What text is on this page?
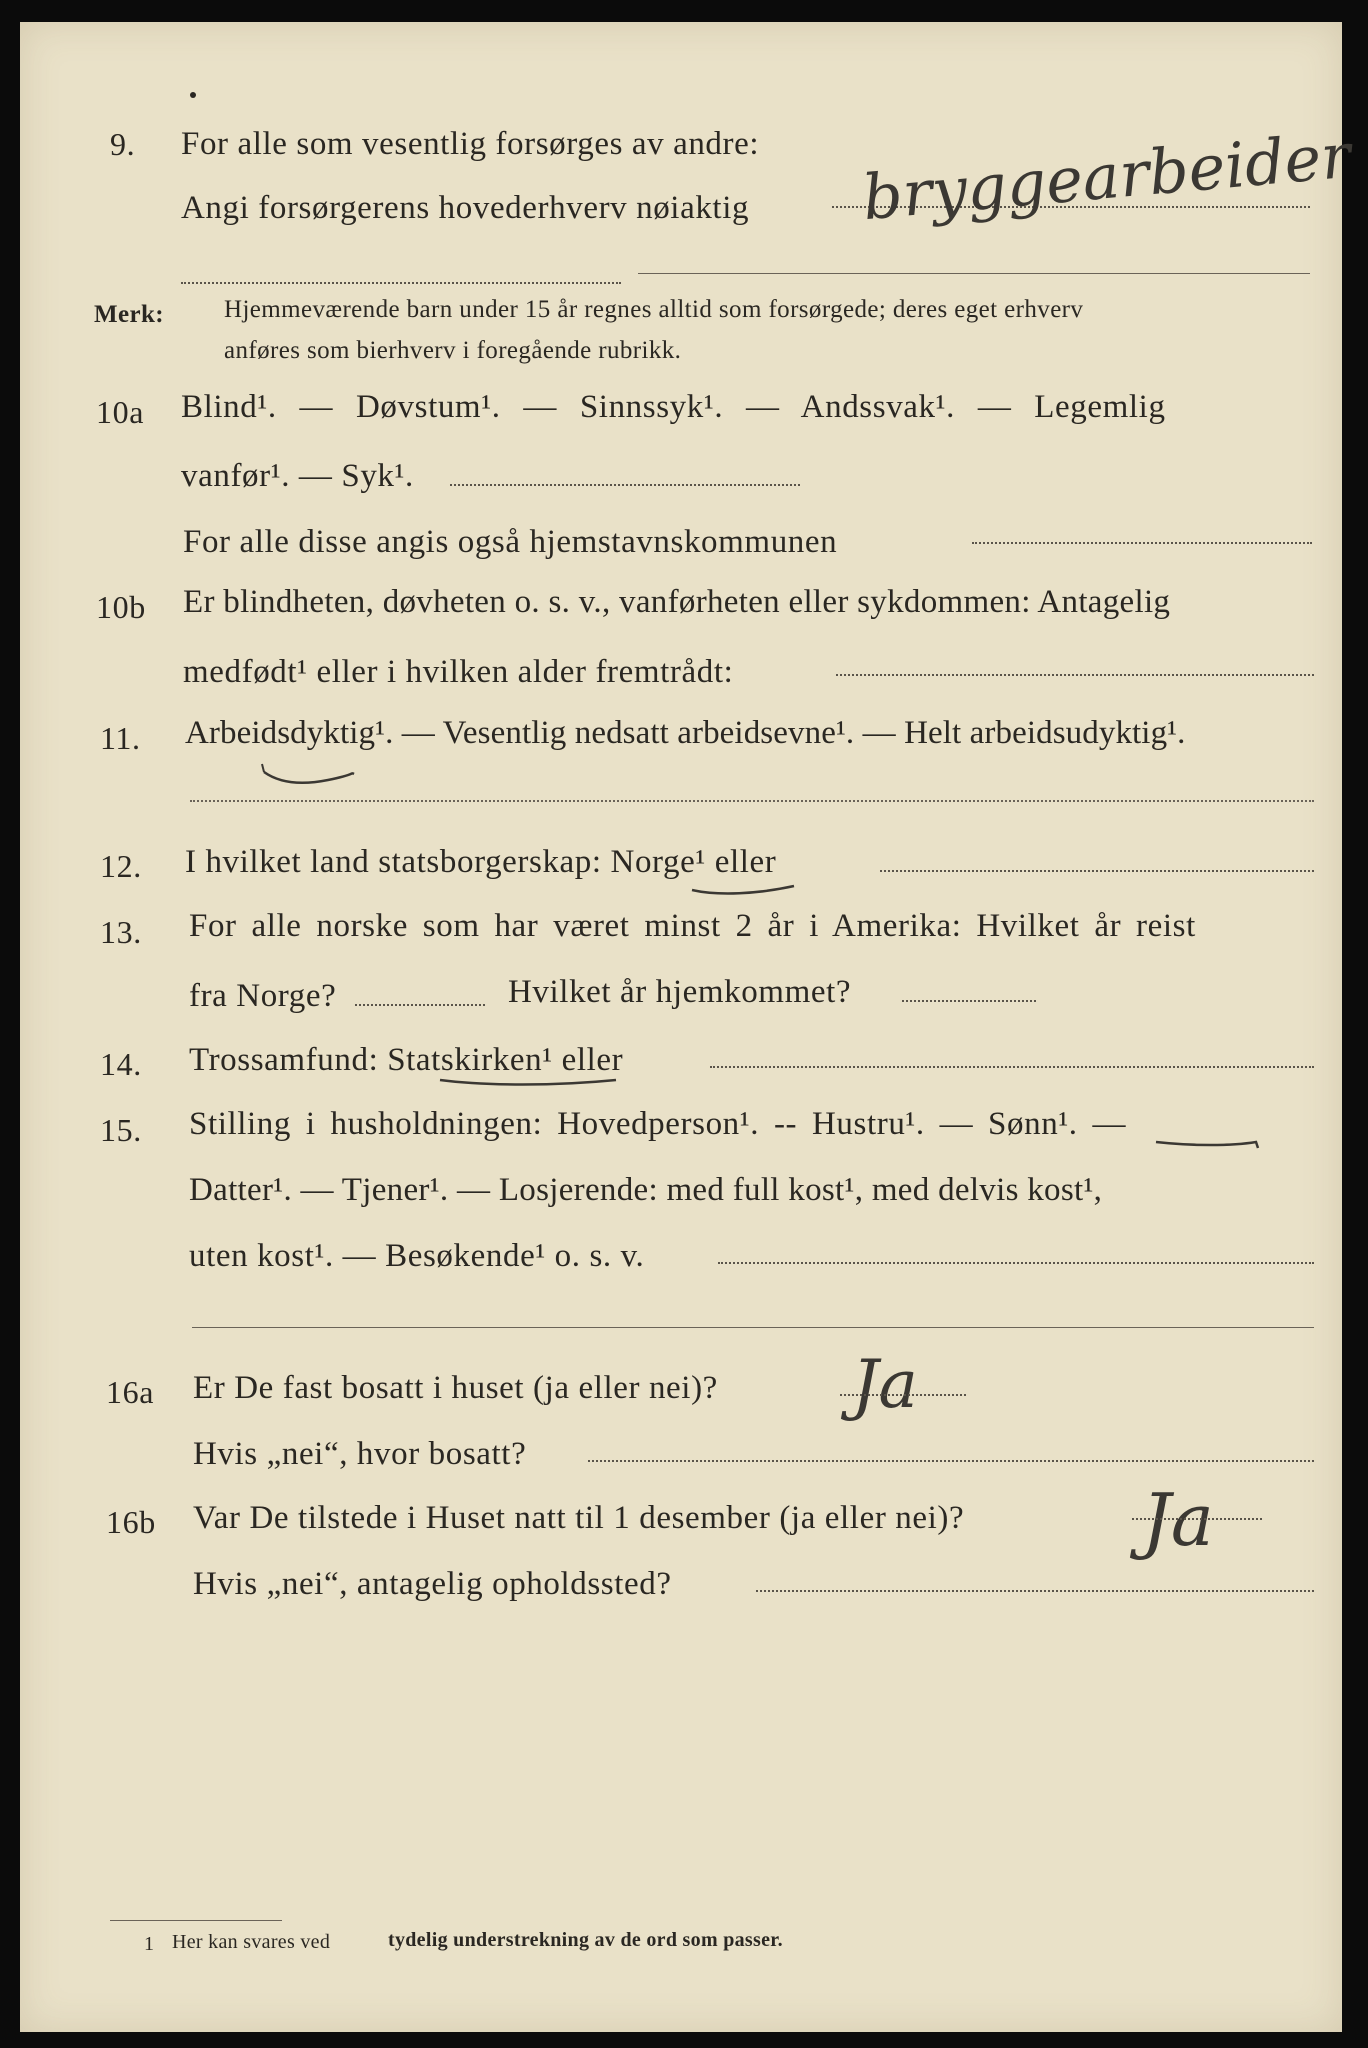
9. For alle som vesentlig forsørges av andre:
Angi forsørgerens hovederhverv nøiaktig bryggearbeider
Merk: Hjemmeværende barn under 15 år regnes alltid som forsørgede; deres eget erhverv
anføres som bierhverv i foregående rubrikk.
10a Blind¹. — Døvstum¹. — Sinnssyk¹. — Andssvak¹. — Legemlig
vanfør¹. — Syk¹.
For alle disse angis også hjemstavnskommunen
10b Er blindheten, døvheten o. s. v., vanførheten eller sykdommen: Antagelig
medfødt¹ eller i hvilken alder fremtrådt:
11. Arbeidsdyktig¹. — Vesentlig nedsatt arbeidsevne¹. — Helt arbeidsudyktig¹.
12. I hvilket land statsborgerskap: Norge¹ eller
13. For alle norske som har været minst 2 år i Amerika: Hvilket år reist
fra Norge?	Hvilket år hjemkommet?
14. Trossamfund: Statskirken¹ eller
15. Stilling i husholdningen: Hovedperson¹. -- Hustru¹. — Sønn¹. —
Datter¹. — Tjener¹. — Losjerende: med full kost¹, med delvis kost¹,
uten kost¹. — Besøkende¹ o. s. v.
16a Er De fast bosatt i huset (ja eller nei)? Ja
Hvis „nei“, hvor bosatt?
16b Var De tilstede i Huset natt til 1 desember (ja eller nei)? Ja
Hvis „nei“, antagelig opholdssted?
1 Her kan svares ved	tydelig understrekning av de ord som passer.
